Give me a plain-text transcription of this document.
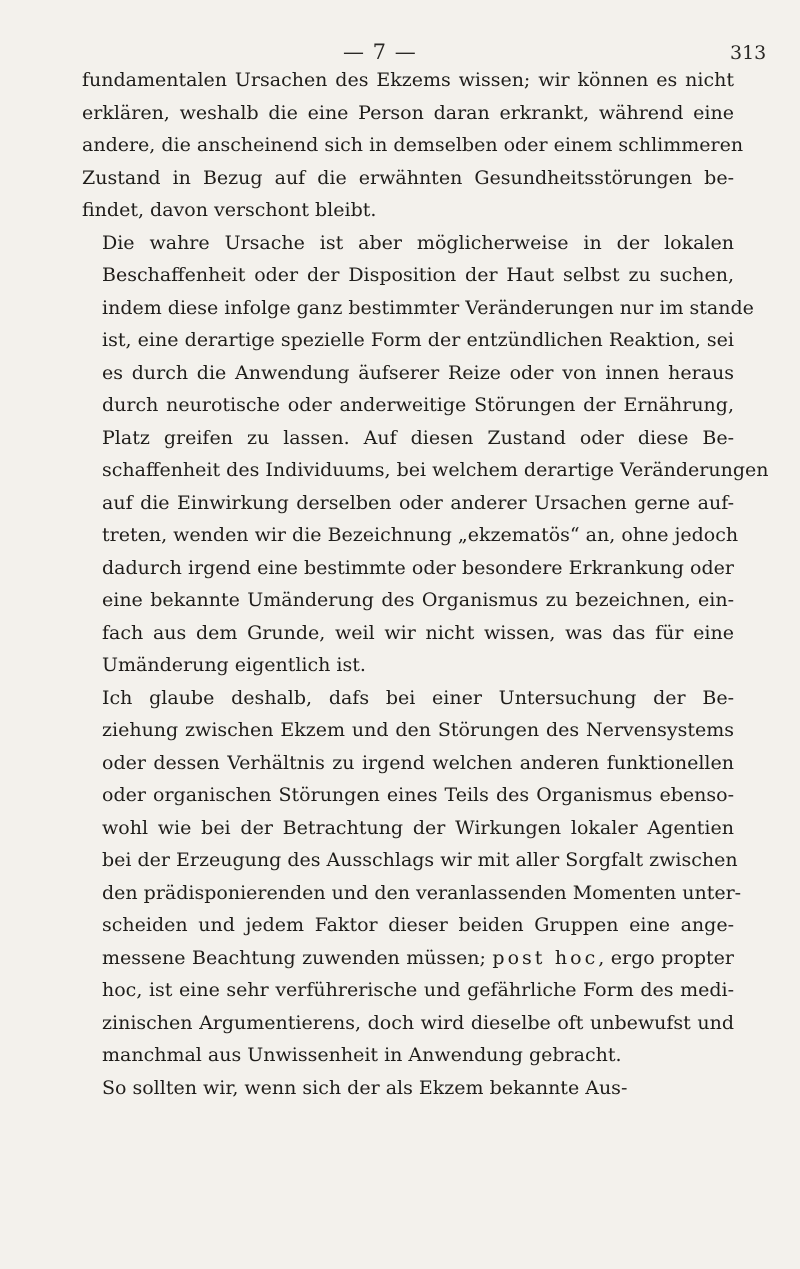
— 7 —	313

fundamentalen Ursachen des Ekzems wissen; wir können es nicht
erklären, weshalb die eine Person daran erkrankt, während eine
andere, die anscheinend sich in demselben oder einem schlimmeren
Zustand in Bezug auf die erwähnten Gesundheitsstörungen be-
findet, davon verschont bleibt.

Die wahre Ursache ist aber möglicherweise in der lokalen
Beschaffenheit oder der Disposition der Haut selbst zu suchen,
indem diese infolge ganz bestimmter Veränderungen nur im stande
ist, eine derartige spezielle Form der entzündlichen Reaktion, sei
es durch die Anwendung äufserer Reize oder von innen heraus
durch neurotische oder anderweitige Störungen der Ernährung,
Platz greifen zu lassen. Auf diesen Zustand oder diese Be-
schaffenheit des Individuums, bei welchem derartige Veränderungen
auf die Einwirkung derselben oder anderer Ursachen gerne auf-
treten, wenden wir die Bezeichnung „ekzematös“ an, ohne jedoch
dadurch irgend eine bestimmte oder besondere Erkrankung oder
eine bekannte Umänderung des Organismus zu bezeichnen, ein-
fach aus dem Grunde, weil wir nicht wissen, was das für eine
Umänderung eigentlich ist.

Ich glaube deshalb, dafs bei einer Untersuchung der Be-
ziehung zwischen Ekzem und den Störungen des Nervensystems
oder dessen Verhältnis zu irgend welchen anderen funktionellen
oder organischen Störungen eines Teils des Organismus ebenso-
wohl wie bei der Betrachtung der Wirkungen lokaler Agentien
bei der Erzeugung des Ausschlags wir mit aller Sorgfalt zwischen
den prädisponierenden und den veranlassenden Momenten unter-
scheiden und jedem Faktor dieser beiden Gruppen eine ange-
messene Beachtung zuwenden müssen; post hoc, ergo propter
hoc, ist eine sehr verführerische und gefährliche Form des medi-
zinischen Argumentierens, doch wird dieselbe oft unbewufst und
manchmal aus Unwissenheit in Anwendung gebracht.

So sollten wir, wenn sich der als Ekzem bekannte Aus-
